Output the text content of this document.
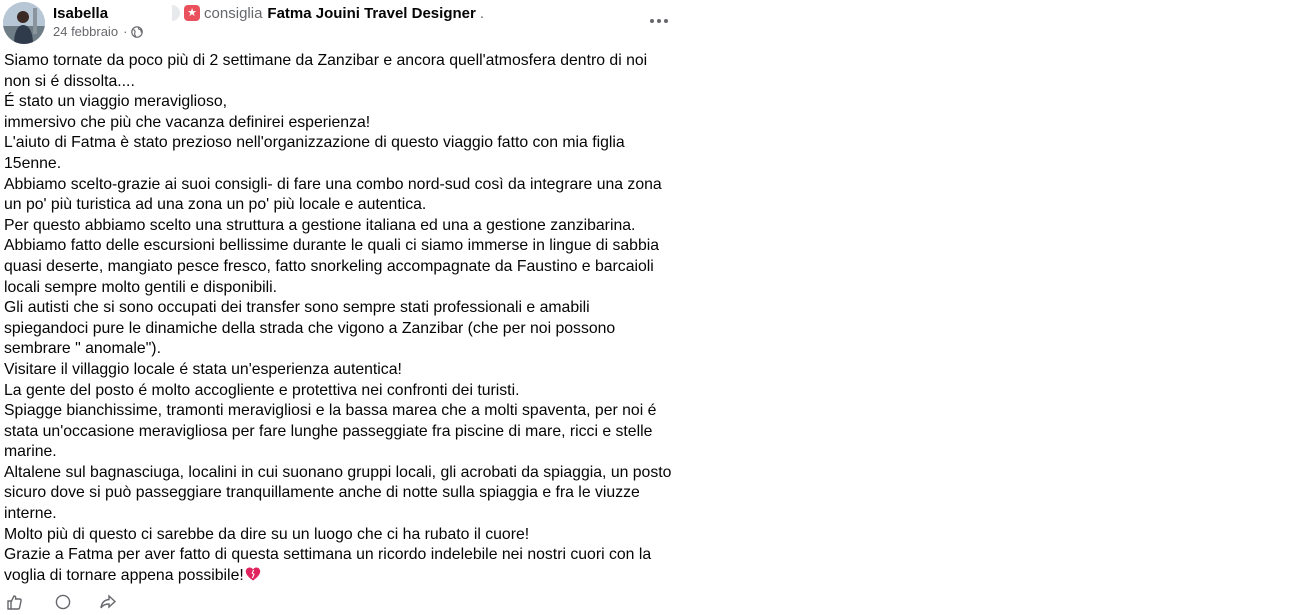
Isabella	★ consiglia Fatma Jouini Travel Designer .
24 febbraio ·

Siamo tornate da poco più di 2 settimane da Zanzibar e ancora quell'atmosfera dentro di noi

non si é dissolta....

É stato un viaggio meraviglioso,

immersivo che più che vacanza definirei esperienza!

L'aiuto di Fatma è stato prezioso nell'organizzazione di questo viaggio fatto con mia figlia

15enne.

Abbiamo scelto-grazie ai suoi consigli- di fare una combo nord-sud così da integrare una zona

un po' più turistica ad una zona un po' più locale e autentica.

Per questo abbiamo scelto una struttura a gestione italiana ed una a gestione zanzibarina.

Abbiamo fatto delle escursioni bellissime durante le quali ci siamo immerse in lingue di sabbia

quasi deserte, mangiato pesce fresco, fatto snorkeling accompagnate da Faustino e barcaioli

locali sempre molto gentili e disponibili.

Gli autisti che si sono occupati dei transfer sono sempre stati professionali e amabili

spiegandoci pure le dinamiche della strada che vigono a Zanzibar (che per noi possono

sembrare " anomale").

Visitare il villaggio locale é stata un'esperienza autentica!

La gente del posto é molto accogliente e protettiva nei confronti dei turisti.

Spiagge bianchissime, tramonti meravigliosi e la bassa marea che a molti spaventa, per noi é

stata un'occasione meravigliosa per fare lunghe passeggiate fra piscine di mare, ricci e stelle

marine.

Altalene sul bagnasciuga, localini in cui suonano gruppi locali, gli acrobati da spiaggia, un posto

sicuro dove si può passeggiare tranquillamente anche di notte sulla spiaggia e fra le viuzze

interne.

Molto più di questo ci sarebbe da dire su un luogo che ci ha rubato il cuore!

Grazie a Fatma per aver fatto di questa settimana un ricordo indelebile nei nostri cuori con la

voglia di tornare appena possibile!
